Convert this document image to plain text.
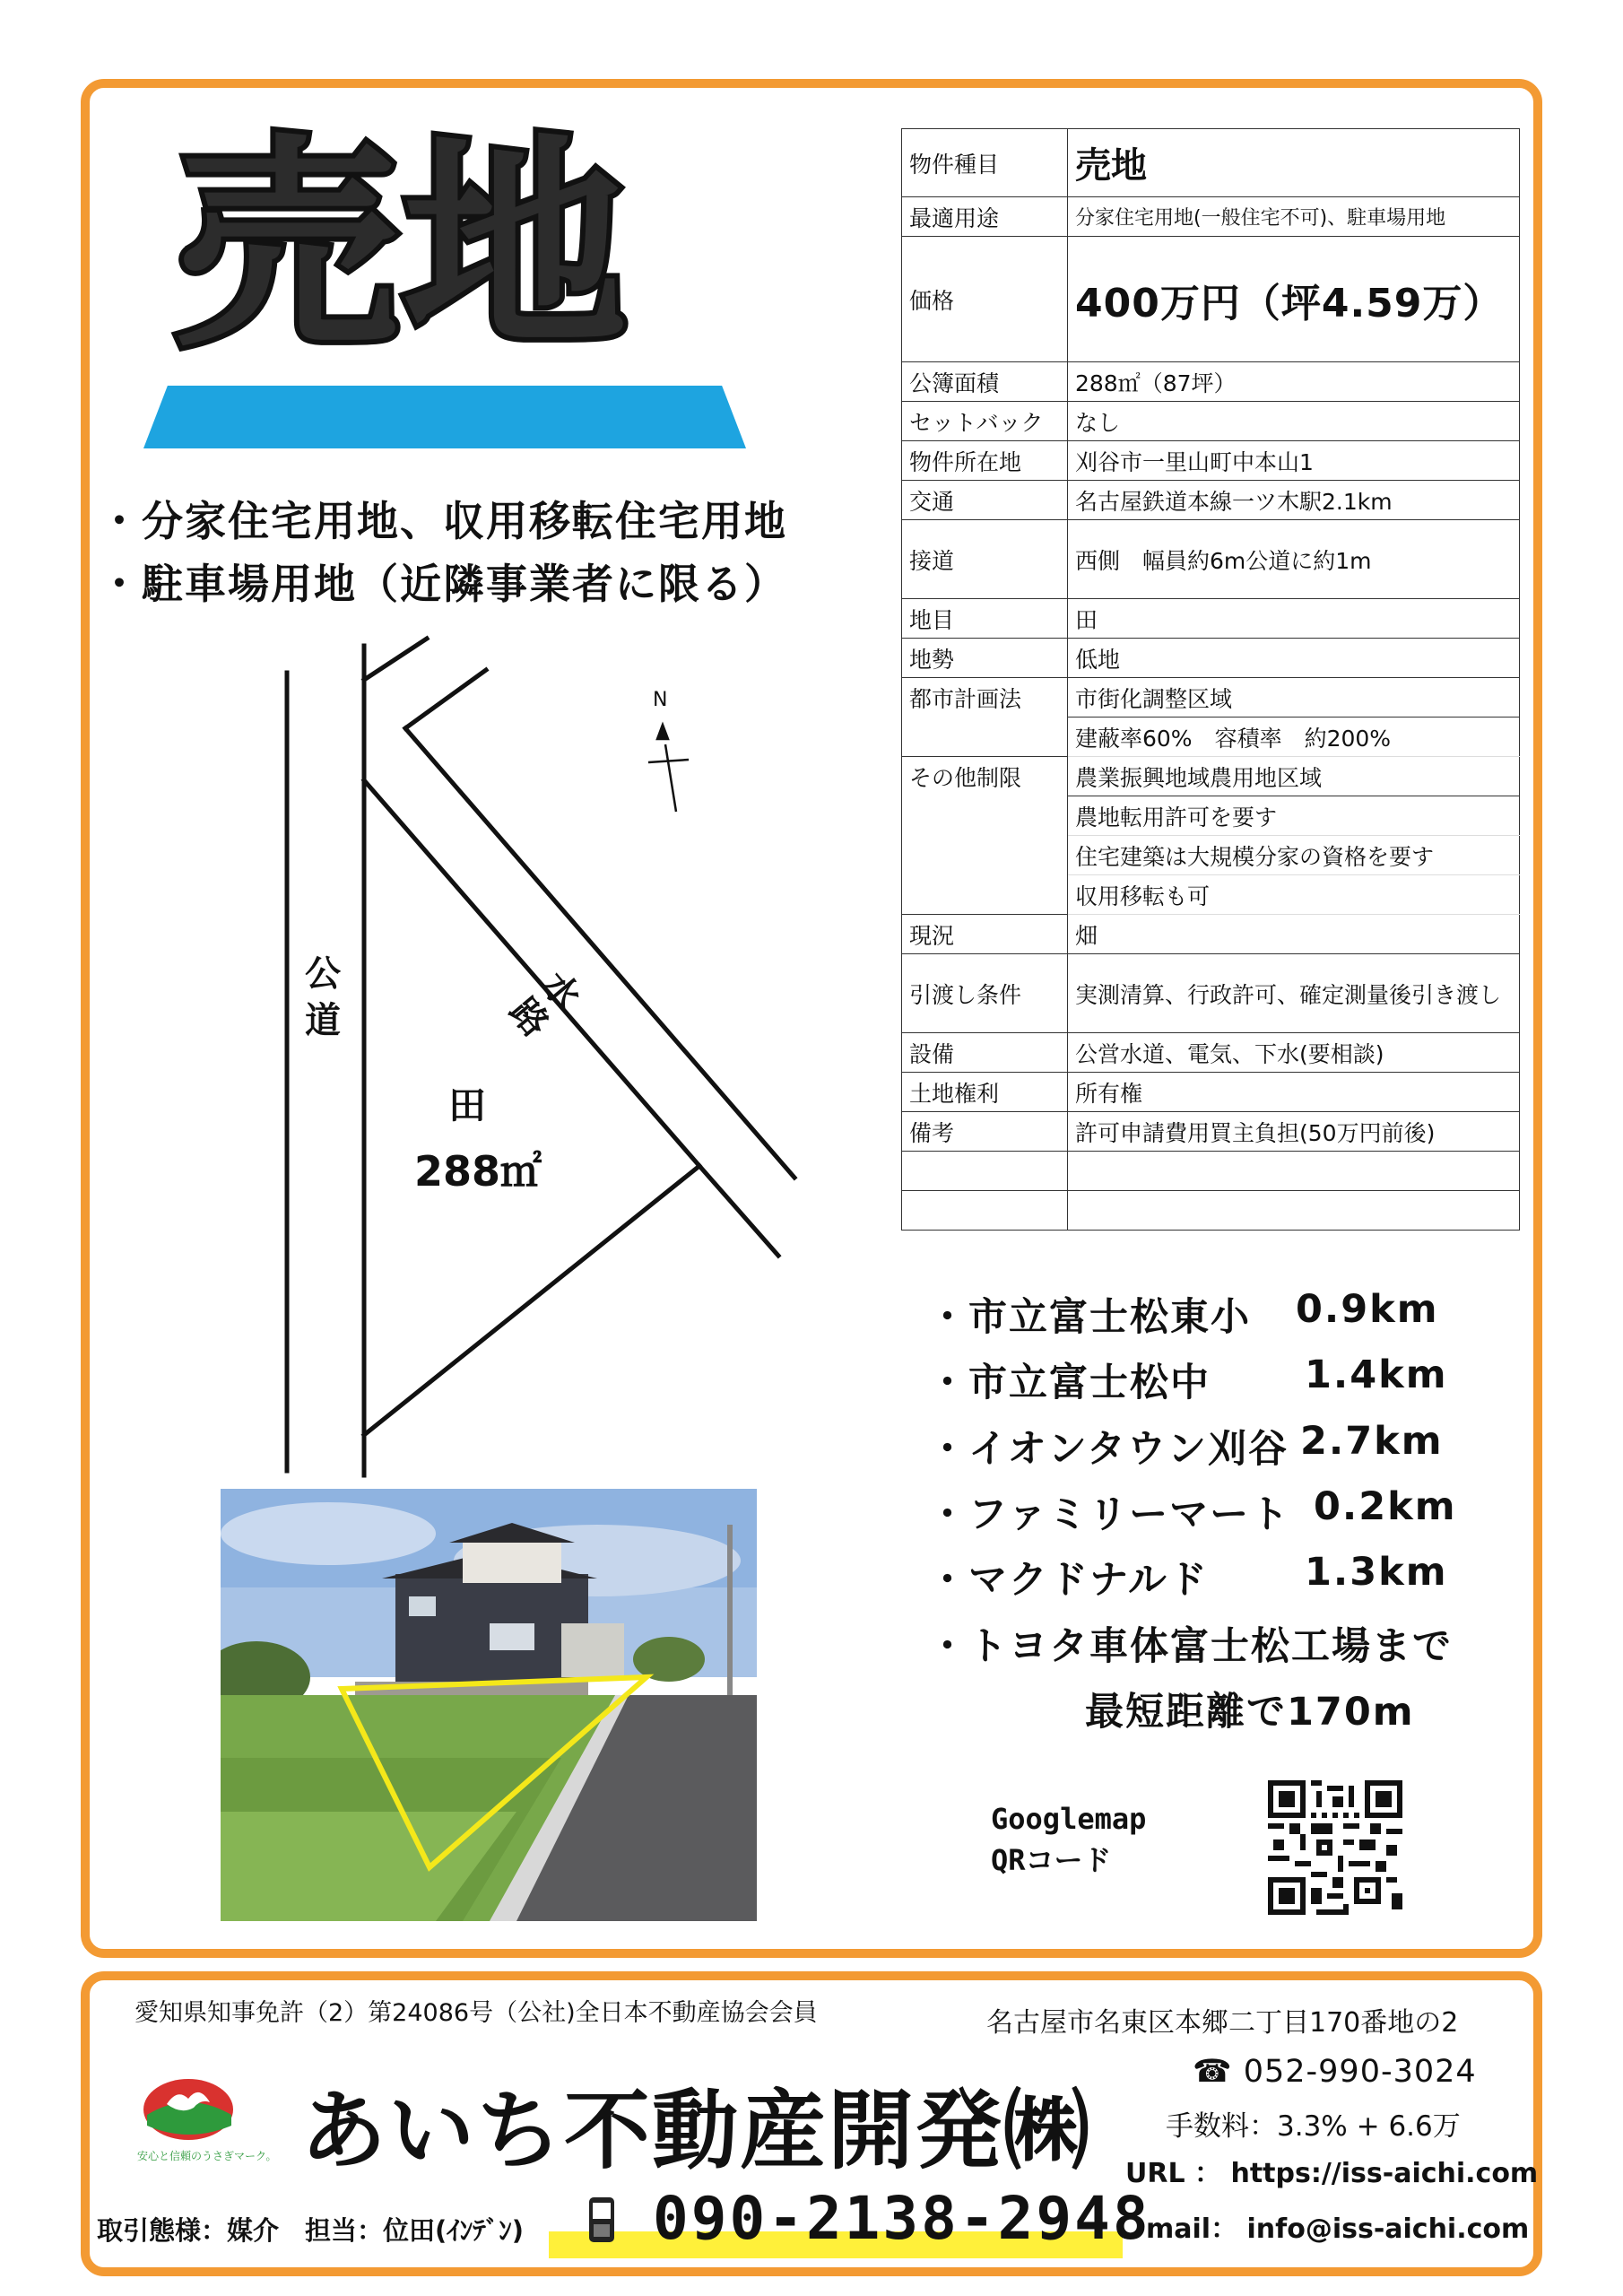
売地
・分家住宅用地、収用移転住宅用地
・駐車場用地（近隣事業者に限る）
公
道
水
路
N
田
288㎡
物件種目	売地
最適用途	分家住宅用地(一般住宅不可)、駐車場用地
価格	400万円（坪4.59万）
公簿面積	288㎡（87坪）
セットバック	なし
物件所在地	刈谷市一里山町中本山1
交通	名古屋鉄道本線一ツ木駅2.1km
接道	西側　幅員約6m公道に約1m
地目	田
地勢	低地
都市計画法	市街化調整区域
	建蔽率60%　容積率　約200%
その他制限	農業振興地域農用地区域
	農地転用許可を要す
	住宅建築は大規模分家の資格を要す
	収用移転も可
現況	畑
引渡し条件	実測清算、行政許可、確定測量後引き渡し
設備	公営水道、電気、下水(要相談)
土地権利	所有権
備考	許可申請費用買主負担(50万円前後)

・市立富士松東小 0.9km
・市立富士松中 1.4km
・イオンタウン刈谷 2.7km
・ファミリーマート 0.2km
・マクドナルド 1.3km
・トヨタ車体富士松工場まで
最短距離で170m
Googlemap
QRコード
愛知県知事免許（2）第24086号（公社)全日本不動産協会会員	名古屋市名東区本郷二丁目170番地の2
安心と信頼のうさぎマーク。 あいち不動産開発㈱
☎ 052-990-3024
手数料：3.3% + 6.6万
URL ： https://iss-aichi.com
mail： info@iss-aichi.com
取引態様：媒介　担当：位田(ｲﾝﾃﾞﾝ) 090-2138-2948
